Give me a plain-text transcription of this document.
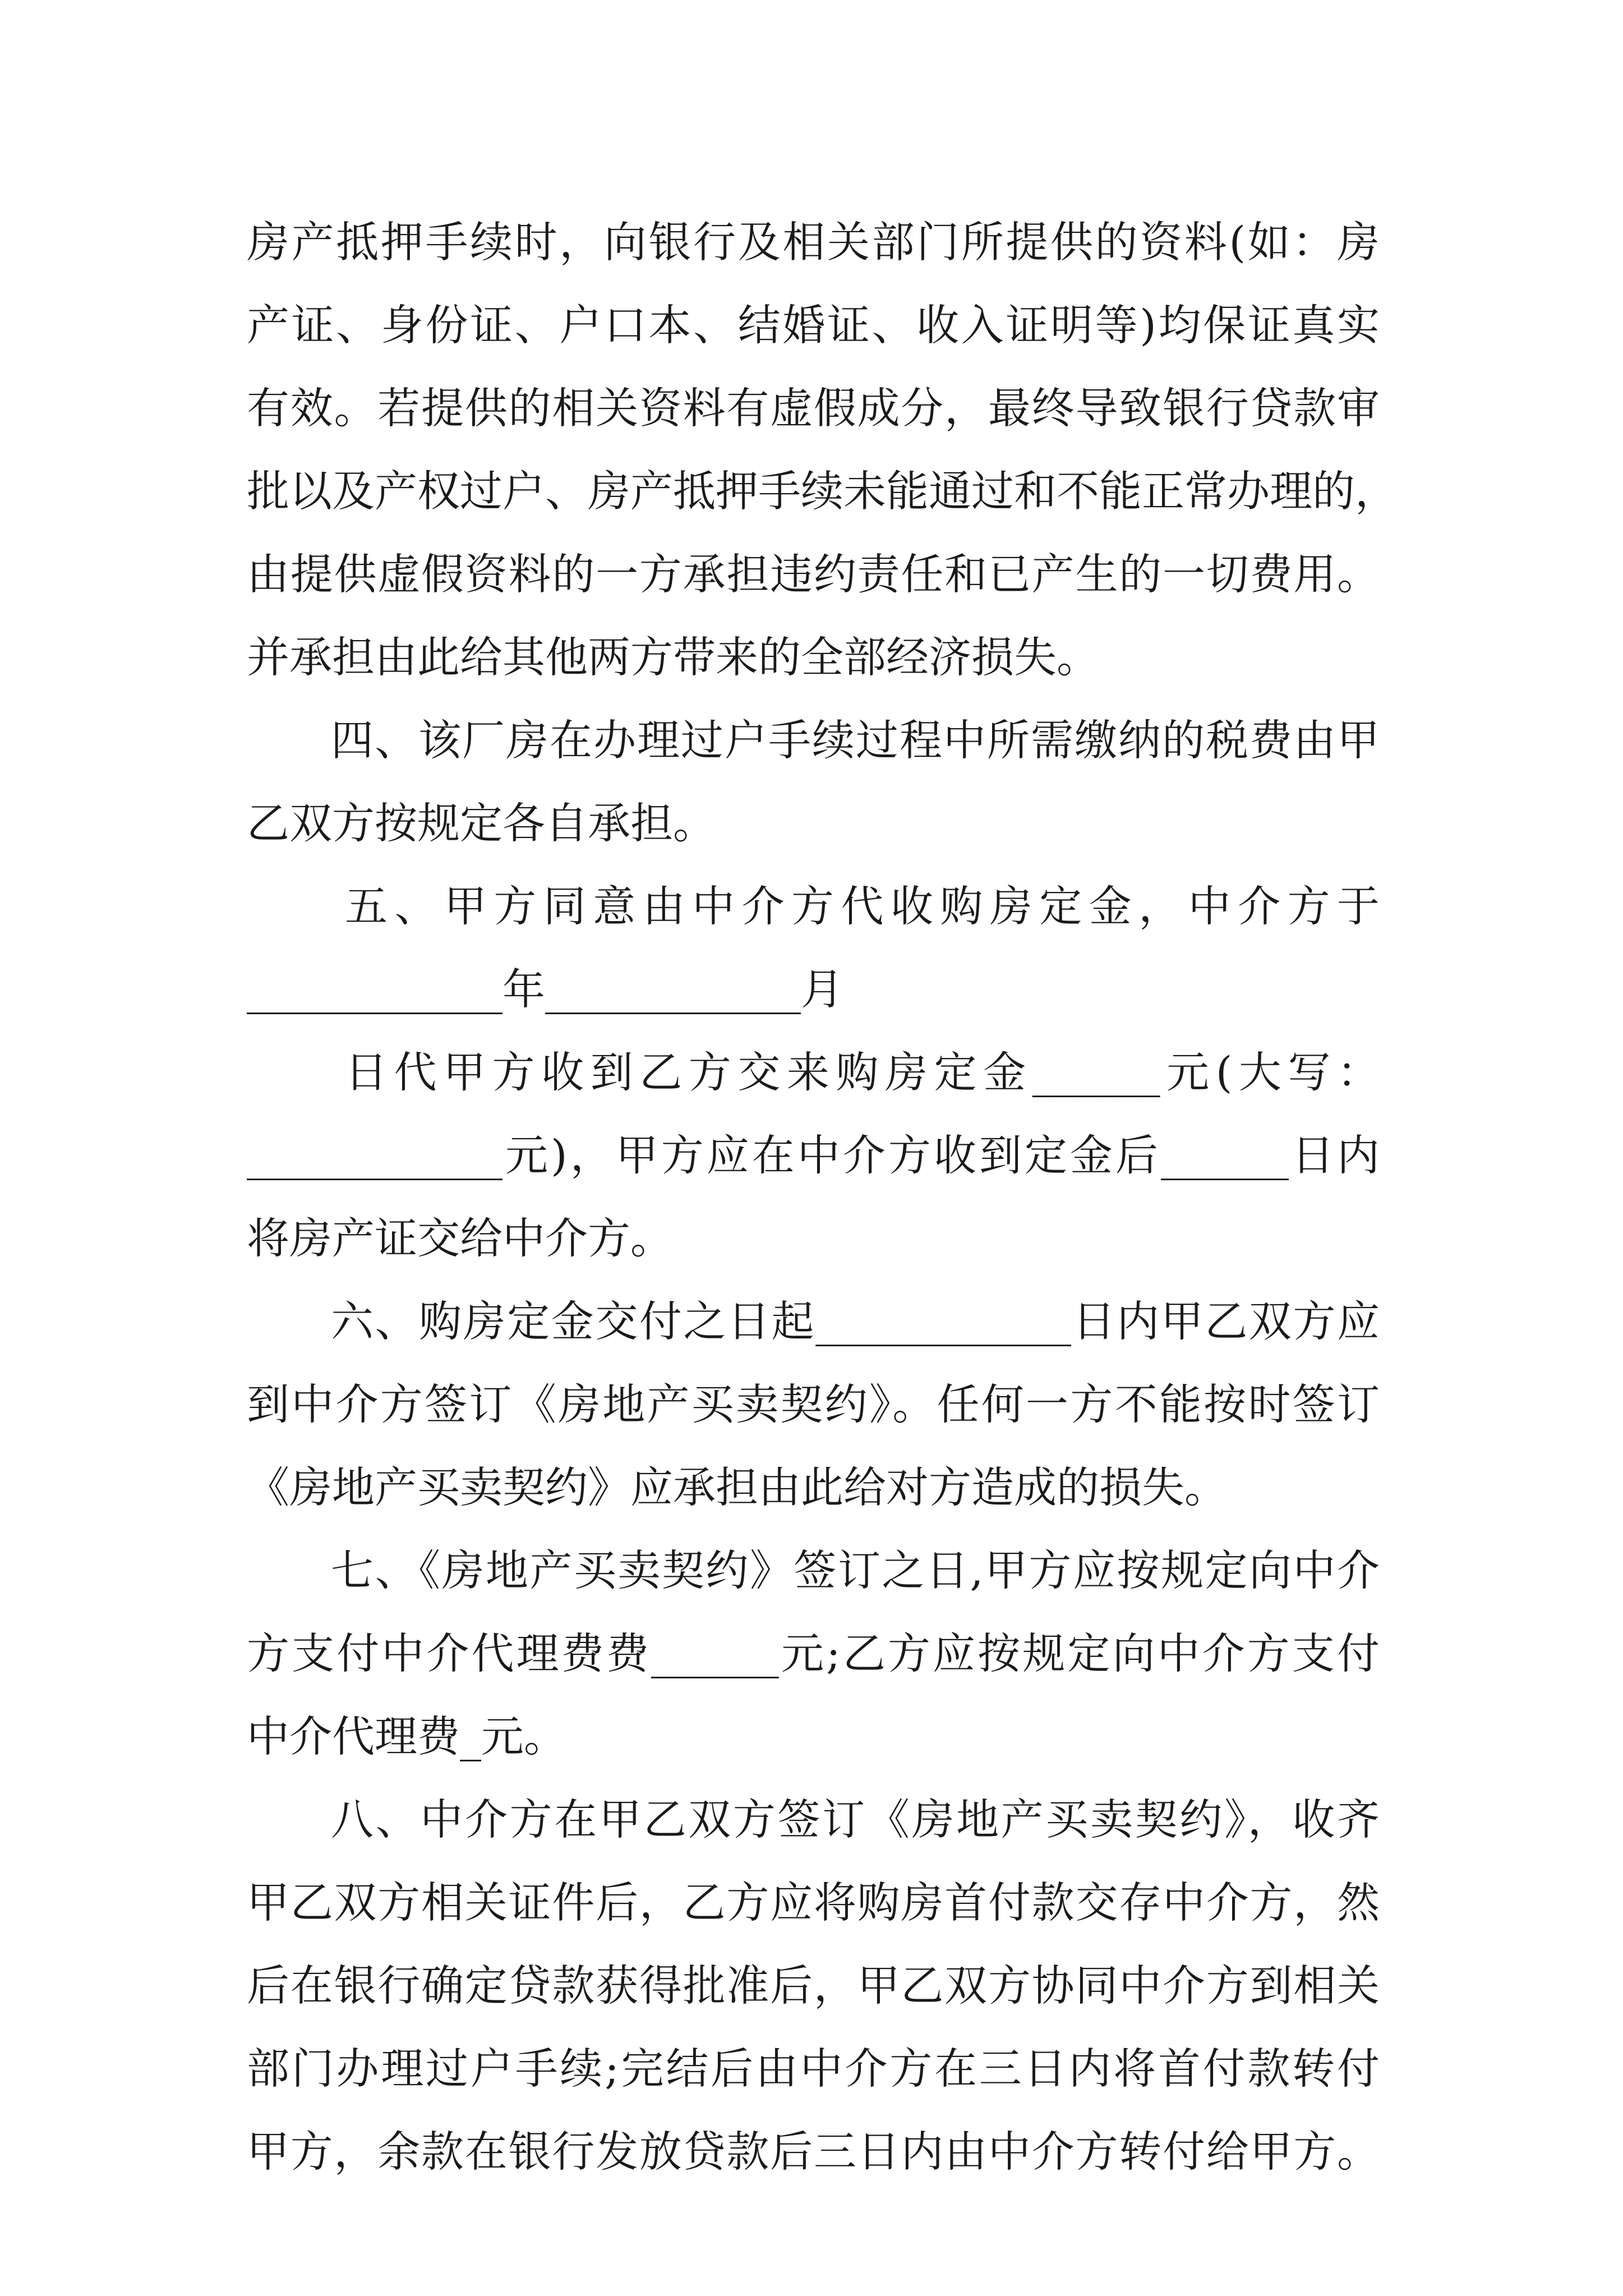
房产抵押手续时，向银行及相关部门所提供的资料(如：房
产证、身份证、户口本、结婚证、收入证明等)均保证真实
有效。若提供的相关资料有虚假成分，最终导致银行贷款审
批以及产权过户、房产抵押手续未能通过和不能正常办理的，
由提供虚假资料的一方承担违约责任和已产生的一切费用。
并承担由此给其他两方带来的全部经济损失。
四、该厂房在办理过户手续过程中所需缴纳的税费由甲
乙双方按规定各自承担。
五、甲方同意由中介方代收购房定金，中介方于
____________年____________月
日代甲方收到乙方交来购房定金______元(大写：
____________元)，甲方应在中介方收到定金后______日内
将房产证交给中介方。
六、购房定金交付之日起____________日内甲乙双方应
到中介方签订《房地产买卖契约》。任何一方不能按时签订
《房地产买卖契约》应承担由此给对方造成的损失。
七、《房地产买卖契约》签订之日,甲方应按规定向中介
方支付中介代理费费______元;乙方应按规定向中介方支付
中介代理费_元。
八、中介方在甲乙双方签订《房地产买卖契约》，收齐
甲乙双方相关证件后，乙方应将购房首付款交存中介方，然
后在银行确定贷款获得批准后，甲乙双方协同中介方到相关
部门办理过户手续;完结后由中介方在三日内将首付款转付
甲方，余款在银行发放贷款后三日内由中介方转付给甲方。
